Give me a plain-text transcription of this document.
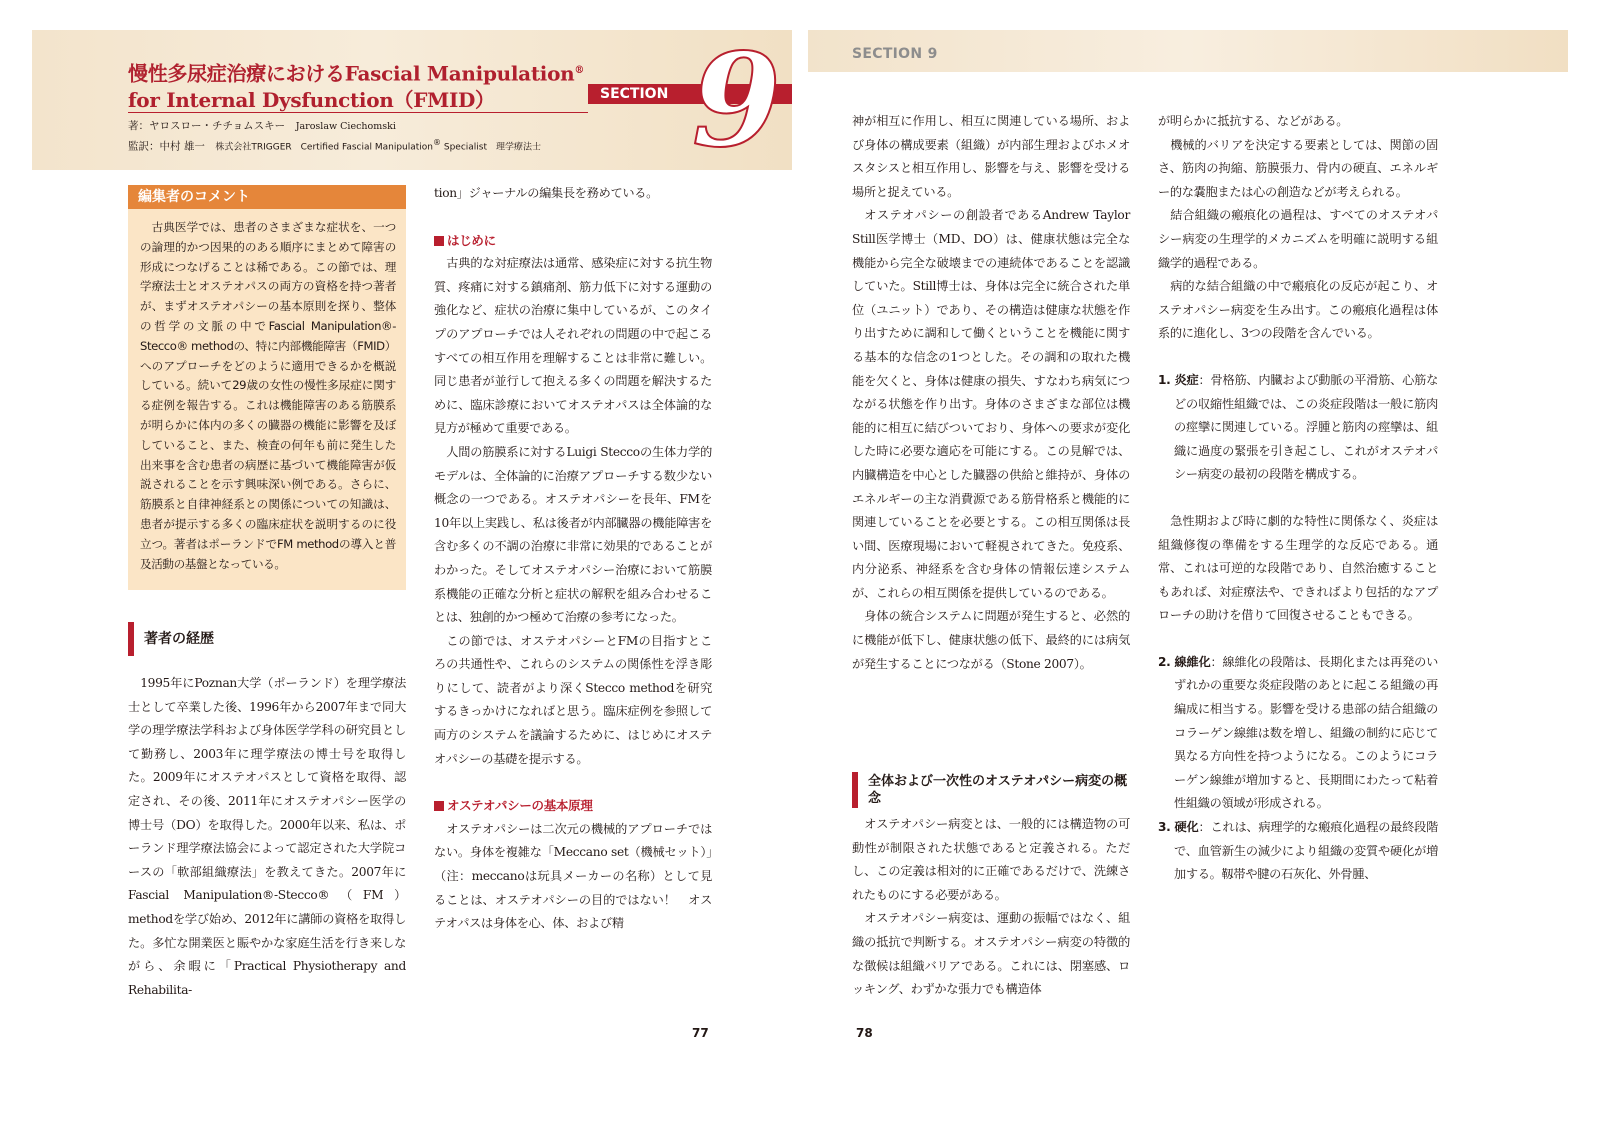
慢性多尿症治療におけるFascial Manipulation®
for Internal Dysfunction（FMID）	SECTION 9
著：ヤロスロー・チチョムスキー　 Jaroslaw Ciechomski
監訳：中村 雄一　 株式会社TRIGGER　Certified Fascial Manipulation® Specialist　理学療法士
編集者のコメント
古典医学では、患者のさまざまな症状を、一つの論理的かつ因果的のある順序にまとめて障害の形成につなげることは稀である。この節では、理学療法士とオステオパスの両方の資格を持つ著者が、まずオステオパシーの基本原則を探り、整体の哲学の文脈の中でFascial Manipulation®-Stecco® methodの、特に内部機能障害（FMID）へのアプローチをどのように適用できるかを概説している。続いて29歳の女性の慢性多尿症に関する症例を報告する。これは機能障害のある筋膜系が明らかに体内の多くの臓器の機能に影響を及ぼしていること、また、検査の何年も前に発生した出来事を含む患者の病歴に基づいて機能障害が仮説されることを示す興味深い例である。さらに、筋膜系と自律神経系との関係についての知識は、患者が提示する多くの臨床症状を説明するのに役立つ。著者はポーランドでFM methodの導入と普及活動の基盤となっている。
著者の経歴

1995年にPoznan大学（ポーランド）を理学療法士として卒業した後、1996年から2007年まで同大学の理学療法学科および身体医学学科の研究員として勤務し、2003年に理学療法の博士号を取得した。2009年にオステオパスとして資格を取得、認定され、その後、2011年にオステオパシー医学の博士号（DO）を取得した。2000年以来、私は、ポーランド理学療法協会によって認定された大学院コースの「軟部組織療法」を教えてきた。2007年にFascial Manipulation®-Stecco®（FM）methodを学び始め、2012年に講師の資格を取得した。多忙な開業医と賑やかな家庭生活を行き来しながら、余暇に「Practical Physiotherapy and Rehabilita-

tion」ジャーナルの編集長を務めている。

はじめに

古典的な対症療法は通常、感染症に対する抗生物質、疼痛に対する鎮痛剤、筋力低下に対する運動の強化など、症状の治療に集中しているが、このタイプのアプローチでは人それぞれの問題の中で起こるすべての相互作用を理解することは非常に難しい。同じ患者が並行して抱える多くの問題を解決するために、臨床診療においてオステオパスは全体論的な見方が極めて重要である。

人間の筋膜系に対するLuigi Steccoの生体力学的モデルは、全体論的に治療アプローチする数少ない概念の一つである。オステオパシーを長年、FMを10年以上実践し、私は後者が内部臓器の機能障害を含む多くの不調の治療に非常に効果的であることがわかった。そしてオステオパシー治療において筋膜系機能の正確な分析と症状の解釈を組み合わせることは、独創的かつ極めて治療の参考になった。

この節では、オステオパシーとFMの目指すところの共通性や、これらのシステムの関係性を浮き彫りにして、読者がより深くStecco methodを研究するきっかけになればと思う。臨床症例を参照して両方のシステムを議論するために、はじめにオステオパシーの基礎を提示する。

オステオパシーの基本原理

オステオパシーは二次元の機械的アプローチではない。身体を複雑な「Meccano set（機械セット）」（注：meccanoは玩具メーカーの名称）として見ることは、オステオパシーの目的ではない！　オステオパスは身体を心、体、および精

77
SECTION 9

神が相互に作用し、相互に関連している場所、および身体の構成要素（組織）が内部生理およびホメオスタシスと相互作用し、影響を与え、影響を受ける場所と捉えている。

オステオパシーの創設者であるAndrew Taylor Still医学博士（MD、DO）は、健康状態は完全な機能から完全な破壊までの連続体であることを認識していた。Still博士は、身体は完全に統合された単位（ユニット）であり、その構造は健康な状態を作り出すために調和して働くということを機能に関する基本的な信念の1つとした。その調和の取れた機能を欠くと、身体は健康の損失、すなわち病気につながる状態を作り出す。身体のさまざまな部位は機能的に相互に結びついており、身体への要求が変化した時に必要な適応を可能にする。この見解では、内臓構造を中心とした臓器の供給と維持が、身体のエネルギーの主な消費源である筋骨格系と機能的に関連していることを必要とする。この相互関係は長い間、医療現場において軽視されてきた。免疫系、内分泌系、神経系を含む身体の情報伝達システムが、これらの相互関係を提供しているのである。

身体の統合システムに問題が発生すると、必然的に機能が低下し、健康状態の低下、最終的には病気が発生することにつながる（Stone 2007）。

全体および一次性のオステオパシー病変の概念

オステオパシー病変とは、一般的には構造物の可動性が制限された状態であると定義される。ただし、この定義は相対的に正確であるだけで、洗練されたものにする必要がある。

オステオパシー病変は、運動の振幅ではなく、組織の抵抗で判断する。オステオパシー病変の特徴的な徴候は組織バリアである。これには、閉塞感、ロッキング、わずかな張力でも構造体

が明らかに抵抗する、などがある。

機械的バリアを決定する要素としては、関節の固さ、筋肉の拘縮、筋膜張力、骨内の硬直、エネルギー的な嚢胞または心の創造などが考えられる。

結合組織の瘢痕化の過程は、すべてのオステオパシー病変の生理学的メカニズムを明確に説明する組織学的過程である。

病的な結合組織の中で瘢痕化の反応が起こり、オステオパシー病変を生み出す。この瘢痕化過程は体系的に進化し、3つの段階を含んでいる。

1. 炎症：骨格筋、内臓および動脈の平滑筋、心筋などの収縮性組織では、この炎症段階は一般に筋肉の痙攣に関連している。浮腫と筋肉の痙攣は、組織に過度の緊張を引き起こし、これがオステオパシー病変の最初の段階を構成する。

急性期および時に劇的な特性に関係なく、炎症は組織修復の準備をする生理学的な反応である。通常、これは可逆的な段階であり、自然治癒することもあれば、対症療法や、できればより包括的なアプローチの助けを借りて回復させることもできる。

2. 線維化：線維化の段階は、長期化または再発のいずれかの重要な炎症段階のあとに起こる組織の再編成に相当する。影響を受ける患部の結合組織のコラーゲン線維は数を増し、組織の制約に応じて異なる方向性を持つようになる。このようにコラーゲン線維が増加すると、長期間にわたって粘着性組織の領域が形成される。
3. 硬化：これは、病理学的な瘢痕化過程の最終段階で、血管新生の減少により組織の変質や硬化が増加する。靱帯や腱の石灰化、外骨腫、
78
